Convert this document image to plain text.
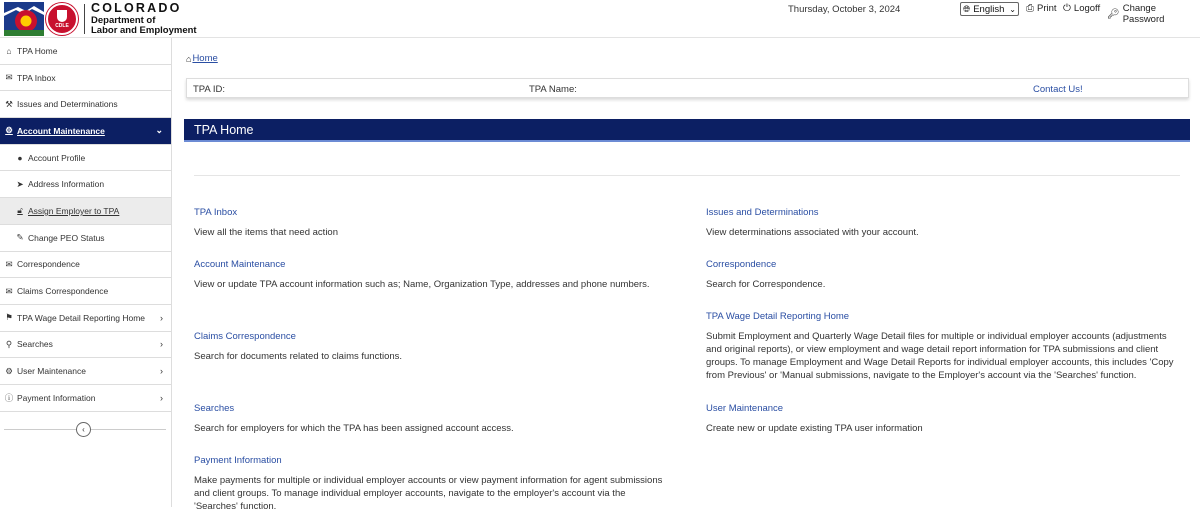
CDLE
COLORADO
Department of
Labor and Employment
Thursday, October 3, 2024	🌐︎ English ⌄ ⎙ Print ⏻ Logoff 🔑︎ Change Password
⌂ TPA Home
✉ TPA Inbox
⚒ Issues and Determinations
⚙ Account Maintenance	⌄
● Account Profile
➤ Address Information
🔓︎ Assign Employer to TPA
✎ Change PEO Status
✉ Correspondence
✉ Claims Correspondence
⚑ TPA Wage Detail Reporting Home ›
⚲ Searches	›
⚙ User Maintenance	›
ⓘ Payment Information	›
‹
⌂ Home
TPA ID:	TPA Name:	Contact Us!
TPA Home
TPA Inbox
View all the items that need action
Account Maintenance
View or update TPA account information such as; Name, Organization Type, addresses and phone numbers.
Claims Correspondence
Search for documents related to claims functions.
Searches
Search for employers for which the TPA has been assigned account access.
Payment Information
Make payments for multiple or individual employer accounts or view payment information for agent submissions and client groups. To manage individual employer accounts, navigate to the employer's account via the 'Searches' function.
Issues and Determinations
View determinations associated with your account.
Correspondence
Search for Correspondence.
TPA Wage Detail Reporting Home
Submit Employment and Quarterly Wage Detail files for multiple or individual employer accounts (adjustments and original reports), or view employment and wage detail report information for TPA submissions and client groups. To manage Employment and Wage Detail Reports for individual employer accounts, this includes 'Copy from Previous' or 'Manual submissions, navigate to the Employer's account via the 'Searches' function.
User Maintenance
Create new or update existing TPA user information
